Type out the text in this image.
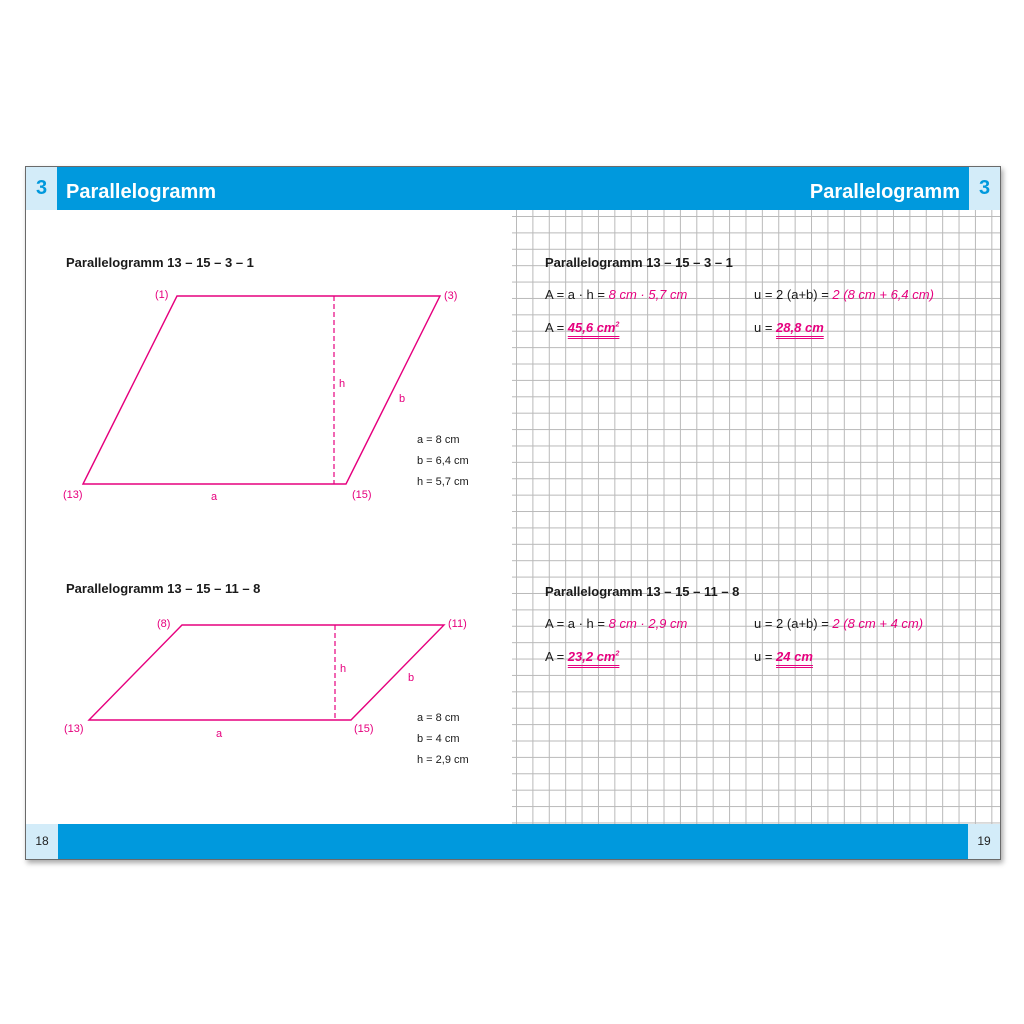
3 Parallelogramm	Parallelogramm 3
18	19
Parallelogramm 13 – 15 – 3 – 1
(1)	(3)
(13)	(15)
h
b
a
(8)	(11)
(13)	(15)
h
b
a
a = 8 cm
b = 6,4 cm
h = 5,7 cm
Parallelogramm 13 – 15 – 11 – 8
a = 8 cm
b = 4 cm
h = 2,9 cm
Parallelogramm 13 – 15 – 3 – 1
A = a · h = 8 cm · 5,7 cm	u = 2 (a+b) = 2 (8 cm + 6,4 cm)
A = 45,6 $cm^2$	u = 28,8 cm
Parallelogramm 13 – 15 – 11 – 8
A = a · h = 8 cm · 2,9 cm	u = 2 (a+b) = 2 (8 cm + 4 cm)
A = 23,2 $cm^2$	u = 24 cm
